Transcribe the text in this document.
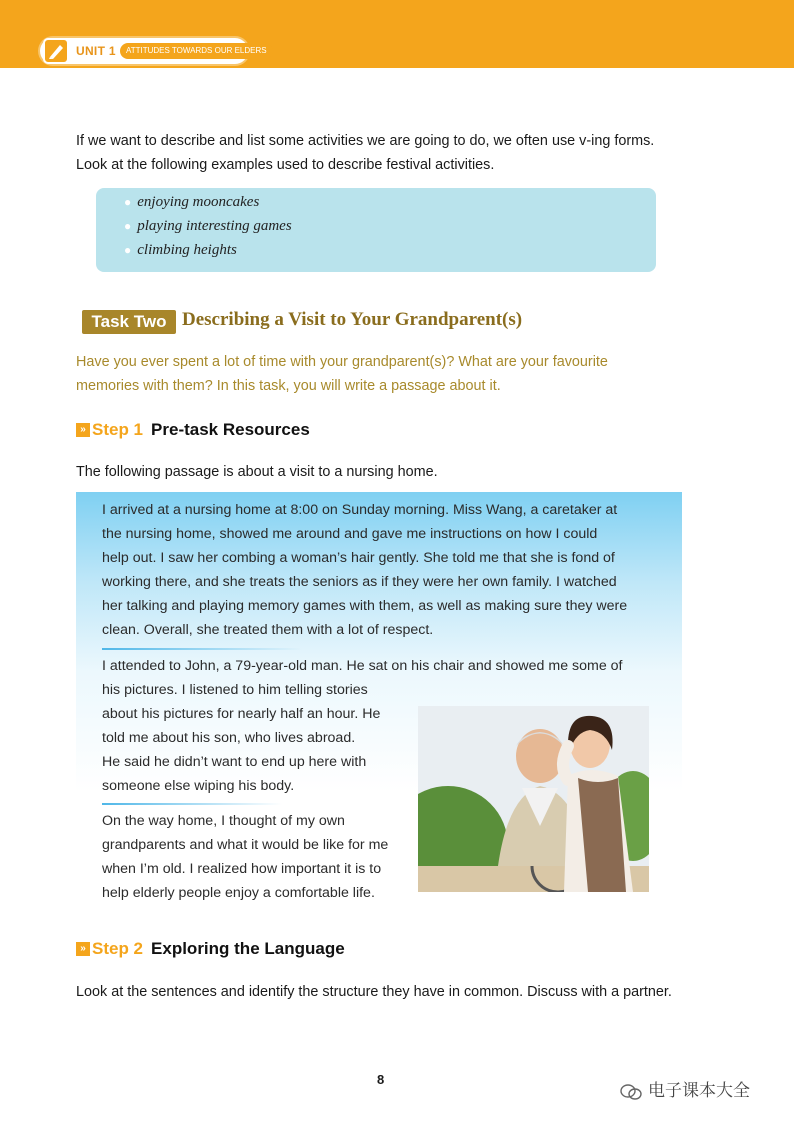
UNIT 1	ATTITUDES TOWARDS OUR ELDERS
If we want to describe and list some activities we are going to do, we often use v-ing forms.
Look at the following examples used to describe festival activities.
● enjoying mooncakes
● playing interesting games
● climbing heights
Task Two Describing a Visit to Your Grandparent(s)
Have you ever spent a lot of time with your grandparent(s)? What are your favourite
memories with them? In this task, you will write a passage about it.
» Step 1 Pre-task Resources
The following passage is about a visit to a nursing home.
I arrived at a nursing home at 8:00 on Sunday morning. Miss Wang, a caretaker at
the nursing home, showed me around and gave me instructions on how I could
help out. I saw her combing a woman’s hair gently. She told me that she is fond of
working there, and she treats the seniors as if they were her own family. I watched
her talking and playing memory games with them, as well as making sure they were
clean. Overall, she treated them with a lot of respect.
I attended to John, a 79-year-old man. He sat on his chair and showed me some of
his pictures. I listened to him telling stories
about his pictures for nearly half an hour. He
told me about his son, who lives abroad.
He said he didn’t want to end up here with
someone else wiping his body.
On the way home, I thought of my own
grandparents and what it would be like for me
when I’m old. I realized how important it is to
help elderly people enjoy a comfortable life.
» Step 2 Exploring the Language
Look at the sentences and identify the structure they have in common. Discuss with a partner.
8
电子课本大全
